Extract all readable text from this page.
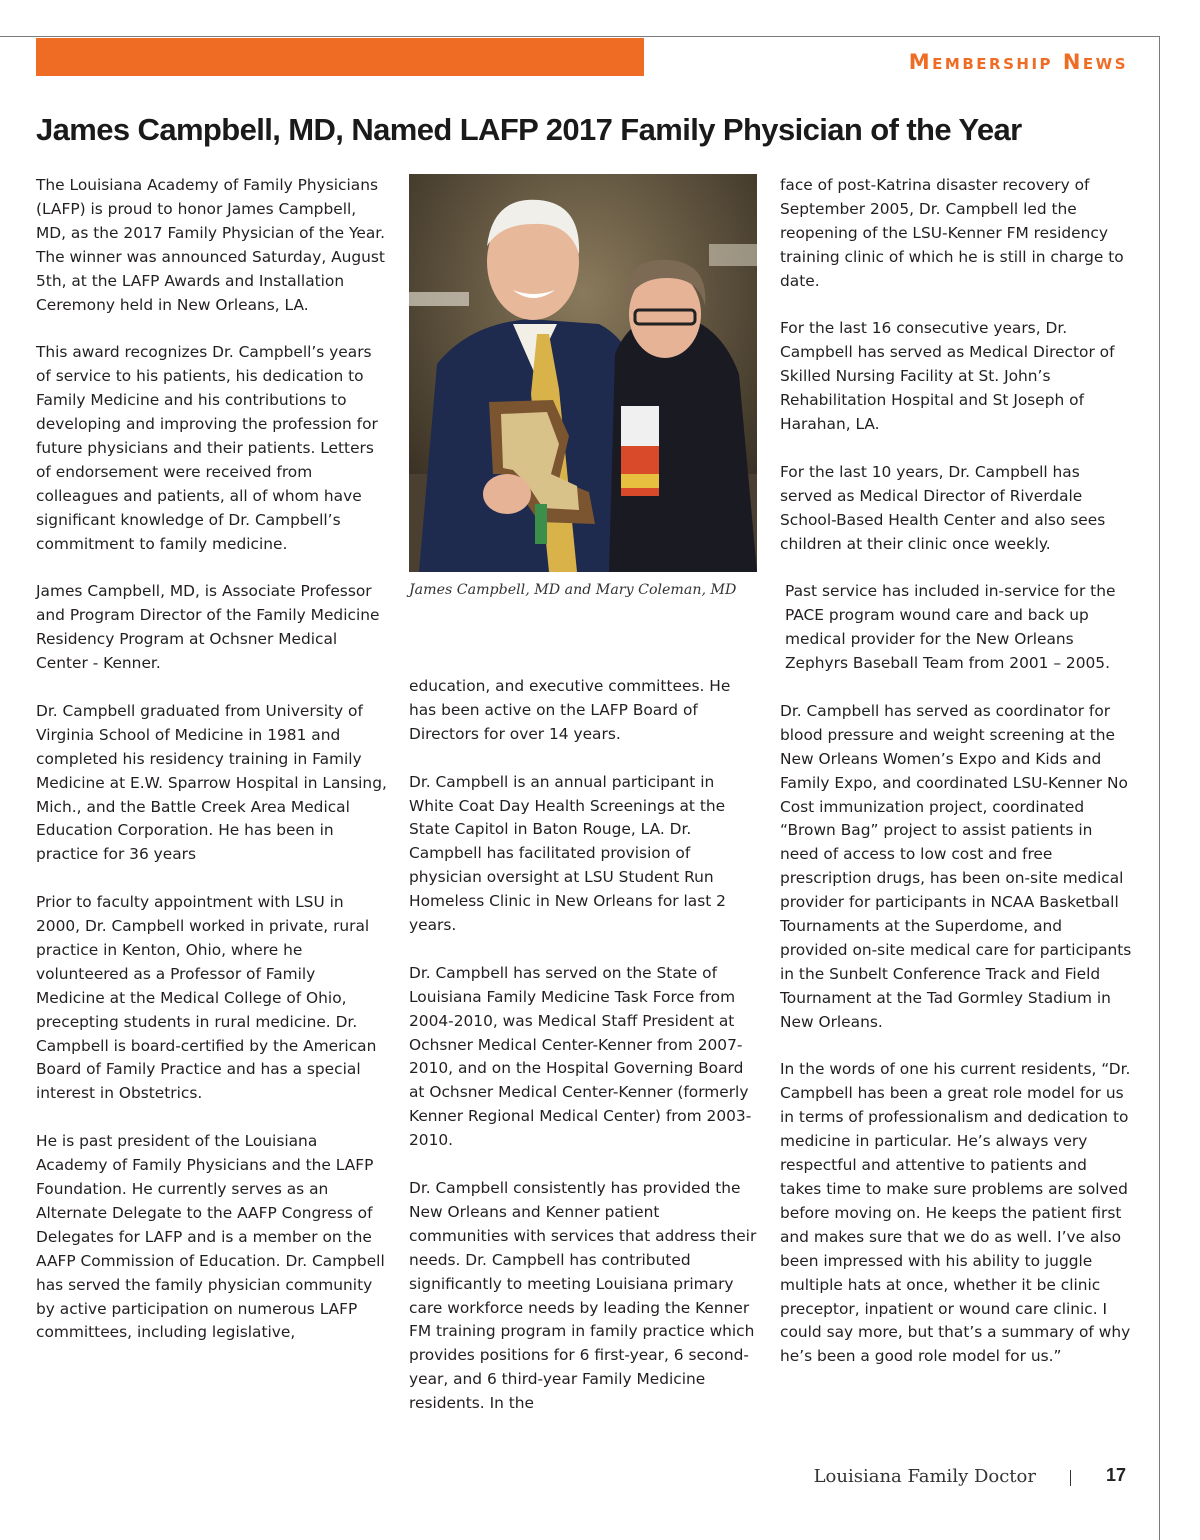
Membership News
James Campbell, MD, Named LAFP 2017 Family Physician of the Year

The Louisiana Academy of Family Physicians (LAFP) is proud to honor James Campbell, MD, as the 2017 Family Physician of the Year. The winner was announced Saturday, August 5th, at the LAFP Awards and Installation Ceremony held in New Orleans, LA.

This award recognizes Dr. Campbell’s years of service to his patients, his dedication to Family Medicine and his contributions to developing and improving the profession for future physicians and their patients. Letters of endorsement were received from colleagues and patients, all of whom have significant knowledge of Dr. Campbell’s commitment to family medicine.

James Campbell, MD, is Associate Professor and Program Director of the Family Medicine Residency Program at Ochsner Medical Center - Kenner.

Dr. Campbell graduated from University of Virginia School of Medicine in 1981 and completed his residency training in Family Medicine at E.W. Sparrow Hospital in Lansing, Mich., and the Battle Creek Area Medical Education Corporation. He has been in practice for 36 years

Prior to faculty appointment with LSU in 2000, Dr. Campbell worked in private, rural practice in Kenton, Ohio, where he volunteered as a Professor of Family Medicine at the Medical College of Ohio, precepting students in rural medicine. Dr. Campbell is board-certified by the American Board of Family Practice and has a special interest in Obstetrics.

He is past president of the Louisiana Academy of Family Physicians and the LAFP Foundation. He currently serves as an Alternate Delegate to the AAFP Congress of Delegates for LAFP and is a member on the AAFP Commission of Education. Dr. Campbell has served the family physician community by active participation on numerous LAFP committees, including legislative,

James Campbell, MD and Mary Coleman, MD

education, and executive committees. He has been active on the LAFP Board of Directors for over 14 years.

Dr. Campbell is an annual participant in White Coat Day Health Screenings at the State Capitol in Baton Rouge, LA. Dr. Campbell has facilitated provision of physician oversight at LSU Student Run Homeless Clinic in New Orleans for last 2 years.

Dr. Campbell has served on the State of Louisiana Family Medicine Task Force from 2004-2010, was Medical Staff President at Ochsner Medical Center-Kenner from 2007-2010, and on the Hospital Governing Board at Ochsner Medical Center-Kenner (formerly Kenner Regional Medical Center) from 2003-2010.

Dr. Campbell consistently has provided the New Orleans and Kenner patient communities with services that address their needs. Dr. Campbell has contributed significantly to meeting Louisiana primary care workforce needs by leading the Kenner FM training program in family practice which provides positions for 6 first-year, 6 second-year, and 6 third-year Family Medicine residents. In the

face of post-Katrina disaster recovery of September 2005, Dr. Campbell led the reopening of the LSU-Kenner FM residency training clinic of which he is still in charge to date.

For the last 16 consecutive years, Dr. Campbell has served as Medical Director of Skilled Nursing Facility at St. John’s Rehabilitation Hospital and St Joseph of Harahan, LA.

For the last 10 years, Dr. Campbell has served as Medical Director of Riverdale School-Based Health Center and also sees children at their clinic once weekly.

Past service has included in-service for the PACE program wound care and back up medical provider for the New Orleans Zephyrs Baseball Team from 2001 – 2005.

Dr. Campbell has served as coordinator for blood pressure and weight screening at the New Orleans Women’s Expo and Kids and Family Expo, and coordinated LSU-Kenner No Cost immunization project, coordinated “Brown Bag” project to assist patients in need of access to low cost and free prescription drugs, has been on-site medical provider for participants in NCAA Basketball Tournaments at the Superdome, and provided on-site medical care for participants in the Sunbelt Conference Track and Field Tournament at the Tad Gormley Stadium in New Orleans.

In the words of one his current residents, “Dr. Campbell has been a great role model for us in terms of professionalism and dedication to medicine in particular. He’s always very respectful and attentive to patients and takes time to make sure problems are solved before moving on. He keeps the patient first and makes sure that we do as well. I’ve also been impressed with his ability to juggle multiple hats at once, whether it be clinic preceptor, inpatient or wound care clinic. I could say more, but that’s a summary of why he’s been a good role model for us.”

Louisiana Family Doctor	17
